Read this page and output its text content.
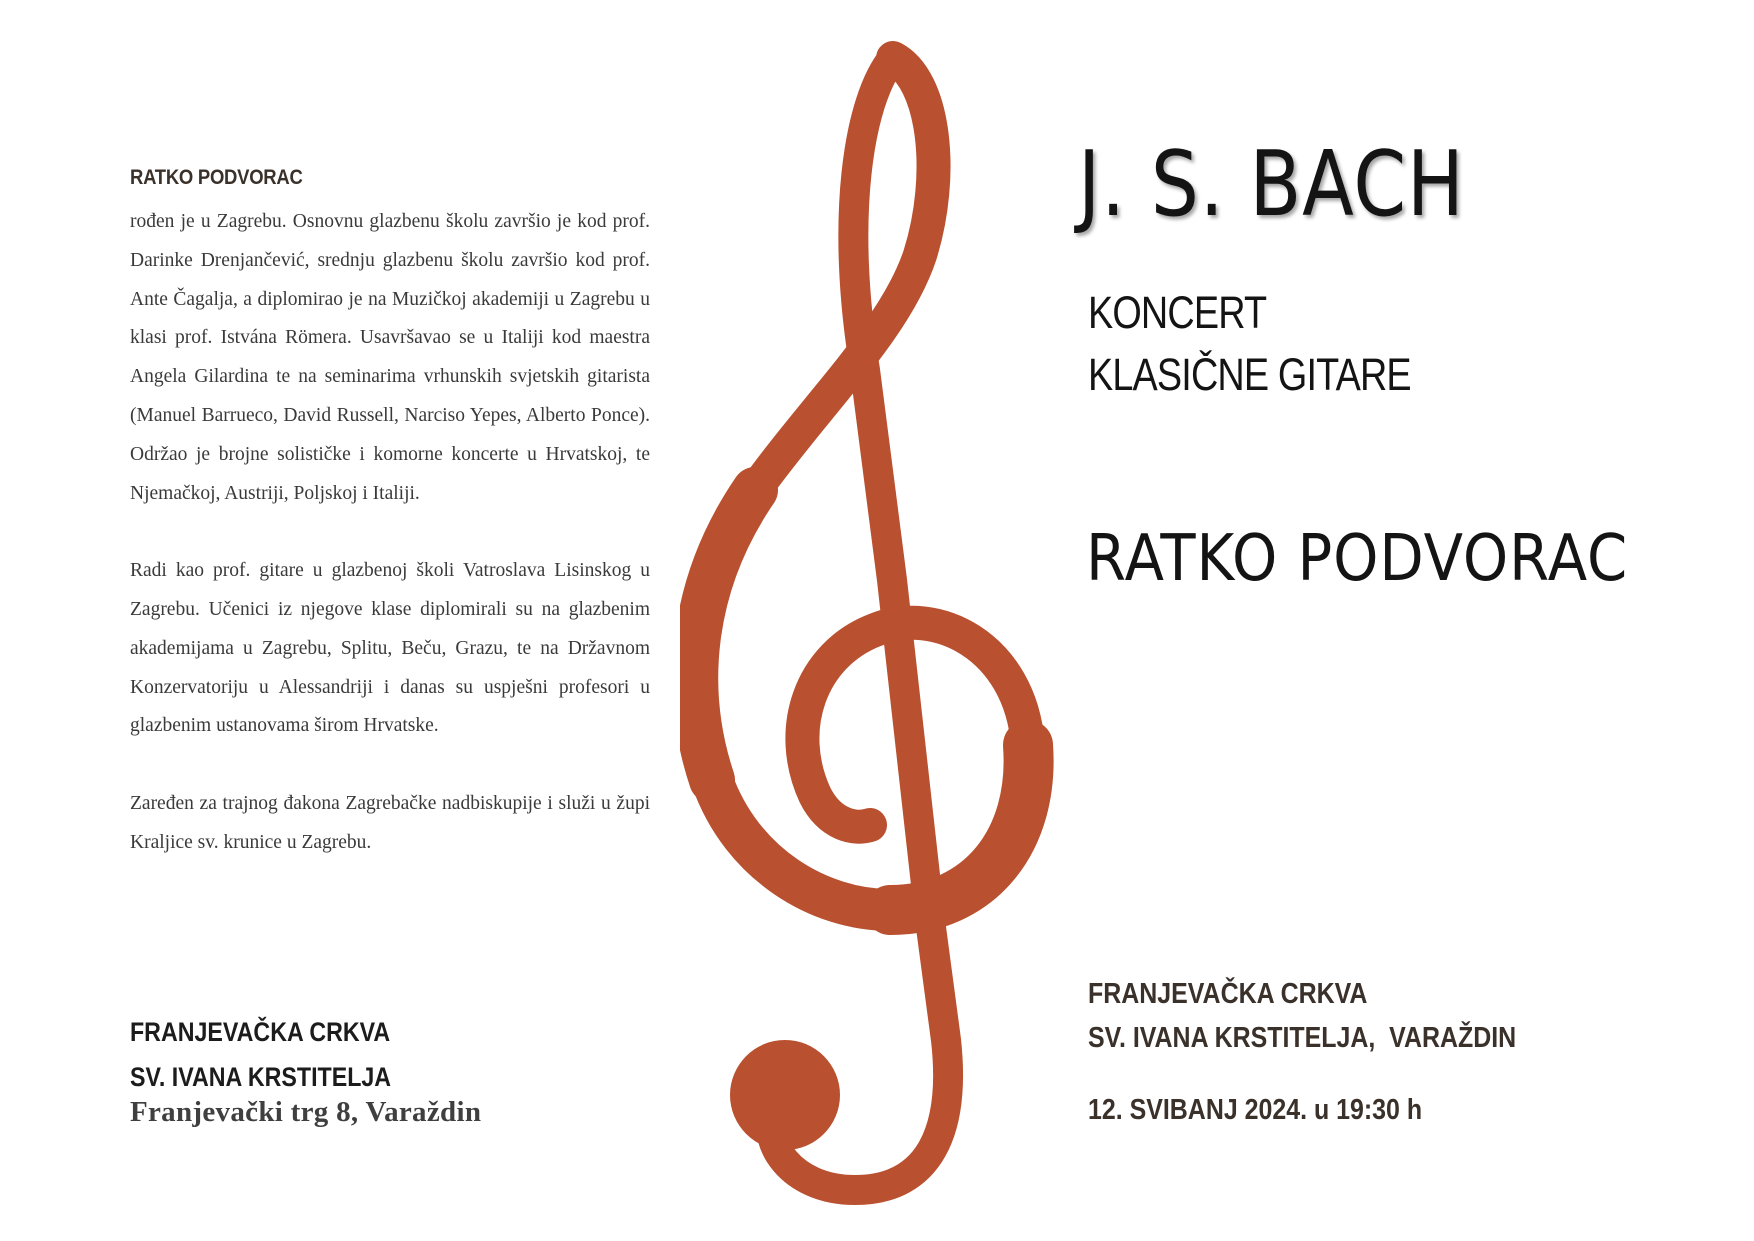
RATKO PODVORAC

rođen je u Zagrebu. Osnovnu glazbenu školu završio je kod prof. Darinke Drenjančević, srednju glazbenu školu završio kod prof. Ante Čagalja, a diplomirao je na Muzičkoj akademiji u Zagrebu u klasi prof. Istvána Römera. Usavršavao se u Italiji kod maestra Angela Gilardina te na seminarima vrhunskih svjetskih gitarista (Manuel Barrueco, David Russell, Narciso Yepes, Alberto Ponce). Održao je brojne solističke i komorne koncerte u Hrvatskoj, te Njemačkoj, Austriji, Poljskoj i Italiji.

Radi kao prof. gitare u glazbenoj školi Vatroslava Lisinskog u Zagrebu. Učenici iz njegove klase diplomirali su na glazbenim akademijama u Zagrebu, Splitu, Beču, Grazu, te na Državnom Konzervatoriju u Alessandriji i danas su uspješni profesori u glazbenim ustanovama širom Hrvatske.

Zaređen za trajnog đakona Zagrebačke nadbiskupije i služi u župi Kraljice sv. krunice u Zagrebu.

FRANJEVAČKA CRKVA
SV. IVANA KRSTITELJA
Franjevački trg 8, Varaždin
J. S. BACH
KONCERT
KLASIČNE GITARE
RATKO PODVORAC
FRANJEVAČKA CRKVA
SV. IVANA KRSTITELJA,  VARAŽDIN
12. SVIBANJ 2024. u 19:30 h
